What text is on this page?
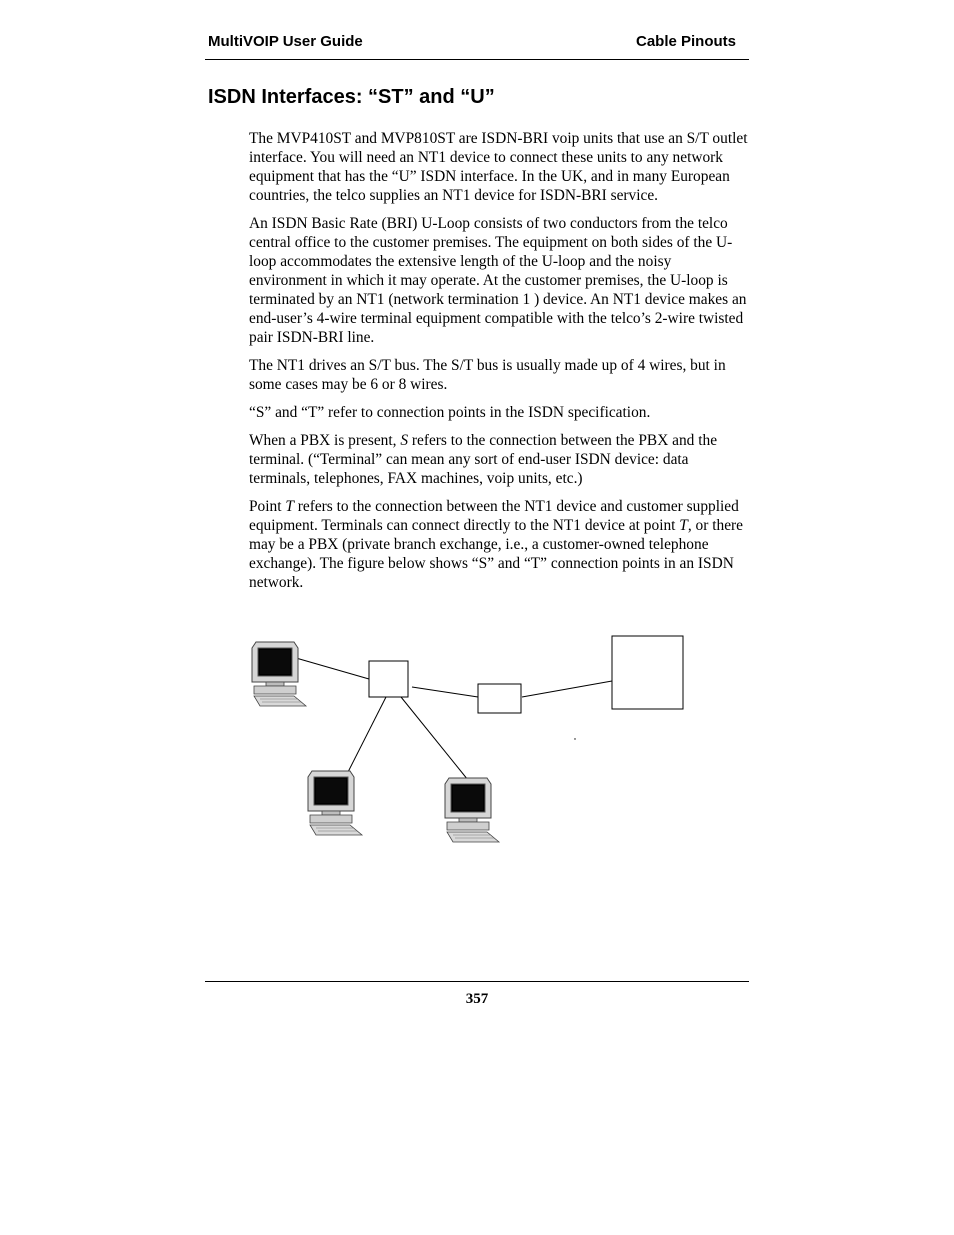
MultiVOIP User Guide	Cable Pinouts
ISDN Interfaces: “ST” and “U”

The MVP410ST and MVP810ST are ISDN-BRI voip units that use an S/T outlet interface. You will need an NT1 device to connect these units to any network equipment that has the “U” ISDN interface. In the UK, and in many European countries, the telco supplies an NT1 device for ISDN-BRI service.

An ISDN Basic Rate (BRI) U-Loop consists of two conductors from the telco central office to the customer premises. The equipment on both sides of the U-loop accommodates the extensive length of the U-loop and the noisy environment in which it may operate. At the customer premises, the U-loop is terminated by an NT1 (network termination 1 ) device. An NT1 device makes an end-user’s 4-wire terminal equipment compatible with the telco’s 2-wire twisted pair ISDN-BRI line.

The NT1 drives an S/T bus. The S/T bus is usually made up of 4 wires, but in some cases may be 6 or 8 wires.

“S” and “T” refer to connection points in the ISDN specification.

When a PBX is present, S refers to the connection between the PBX and the terminal. (“Terminal” can mean any sort of end-user ISDN device: data terminals, telephones, FAX machines, voip units, etc.)

Point T refers to the connection between the NT1 device and customer supplied equipment. Terminals can connect directly to the NT1 device at point T, or there may be a PBX (private branch exchange, i.e., a customer-owned telephone exchange). The figure below shows “S” and “T” connection points in an ISDN network.

357
